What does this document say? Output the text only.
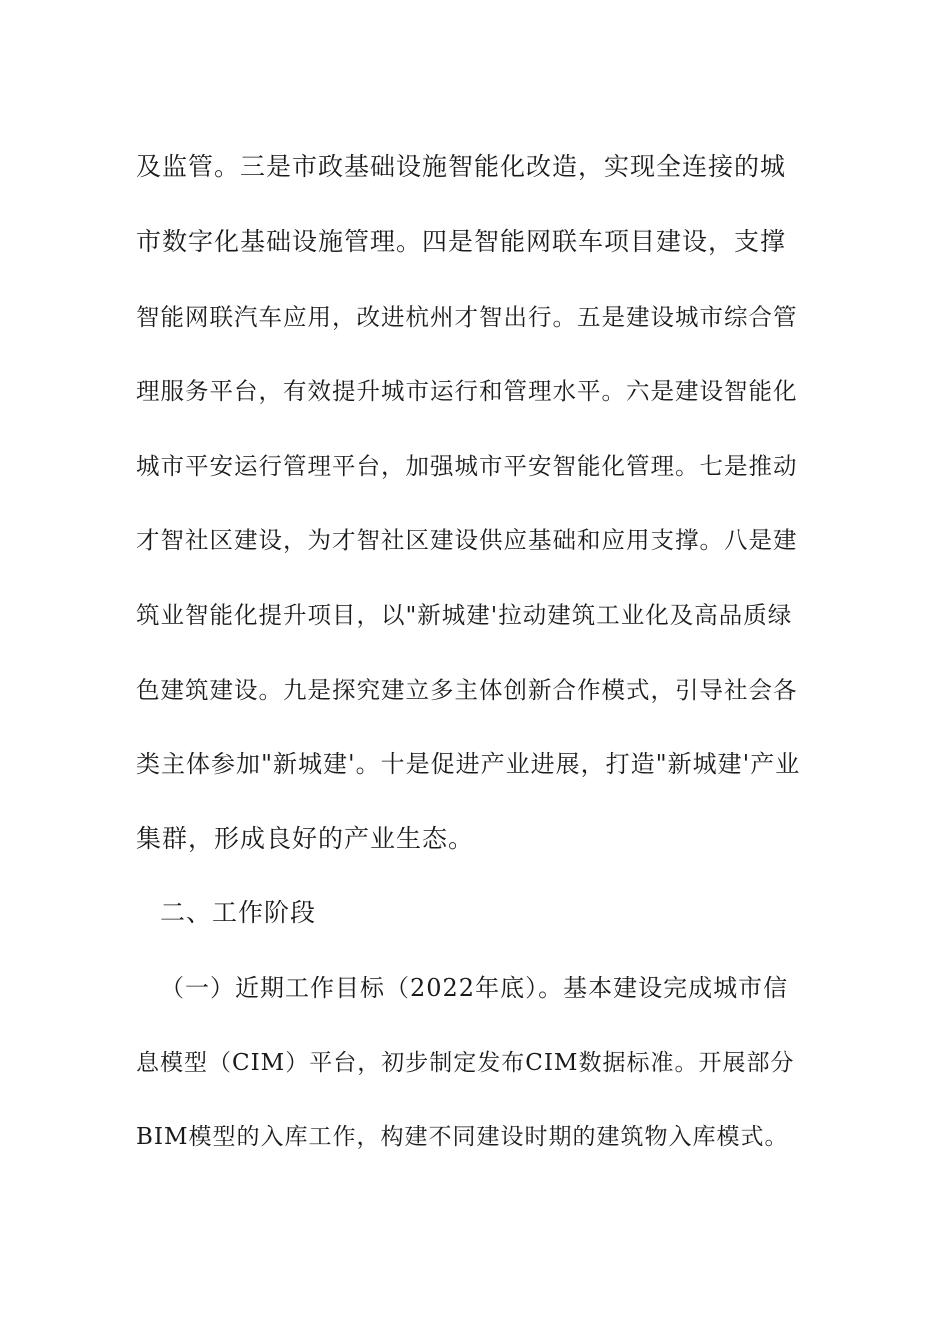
及监管。三是市政基础设施智能化改造，实现全连接的城
市数字化基础设施管理。四是智能网联车项目建设，支撑
智能网联汽车应用，改进杭州才智出行。五是建设城市综合管
理服务平台，有效提升城市运行和管理水平。六是建设智能化
城市平安运行管理平台，加强城市平安智能化管理。七是推动
才智社区建设，为才智社区建设供应基础和应用支撑。八是建
筑业智能化提升项目，以"新城建'拉动建筑工业化及高品质绿
色建筑建设。九是探究建立多主体创新合作模式，引导社会各
类主体参加"新城建'。十是促进产业进展，打造"新城建'产业
集群，形成良好的产业生态。
二、工作阶段
（一）近期工作目标（2022年底）。基本建设完成城市信
息模型（CIM）平台，初步制定发布CIM数据标准。开展部分
BIM模型的入库工作，构建不同建设时期的建筑物入库模式。
